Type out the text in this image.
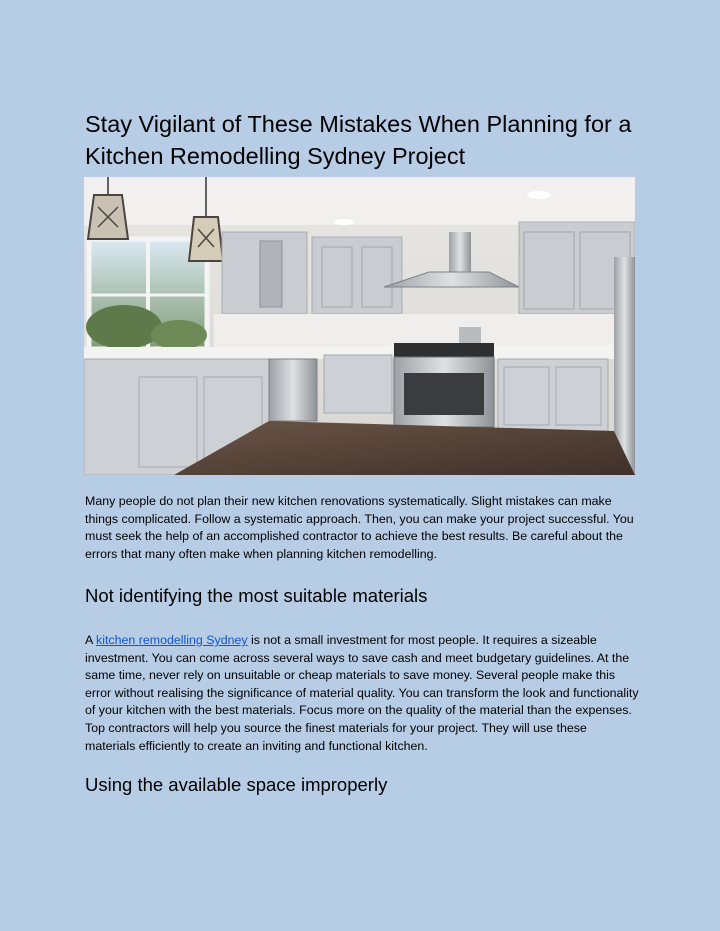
Stay Vigilant of These Mistakes When Planning for a Kitchen Remodelling Sydney Project

Many people do not plan their new kitchen renovations systematically. Slight mistakes can make things complicated. Follow a systematic approach. Then, you can make your project successful. You must seek the help of an accomplished contractor to achieve the best results. Be careful about the errors that many often make when planning kitchen remodelling.

Not identifying the most suitable materials

A kitchen remodelling Sydney is not a small investment for most people. It requires a sizeable investment. You can come across several ways to save cash and meet budgetary guidelines. At the same time, never rely on unsuitable or cheap materials to save money. Several people make this error without realising the significance of material quality. You can transform the look and functionality of your kitchen with the best materials. Focus more on the quality of the material than the expenses. Top contractors will help you source the finest materials for your project. They will use these materials efficiently to create an inviting and functional kitchen.

Using the available space improperly
